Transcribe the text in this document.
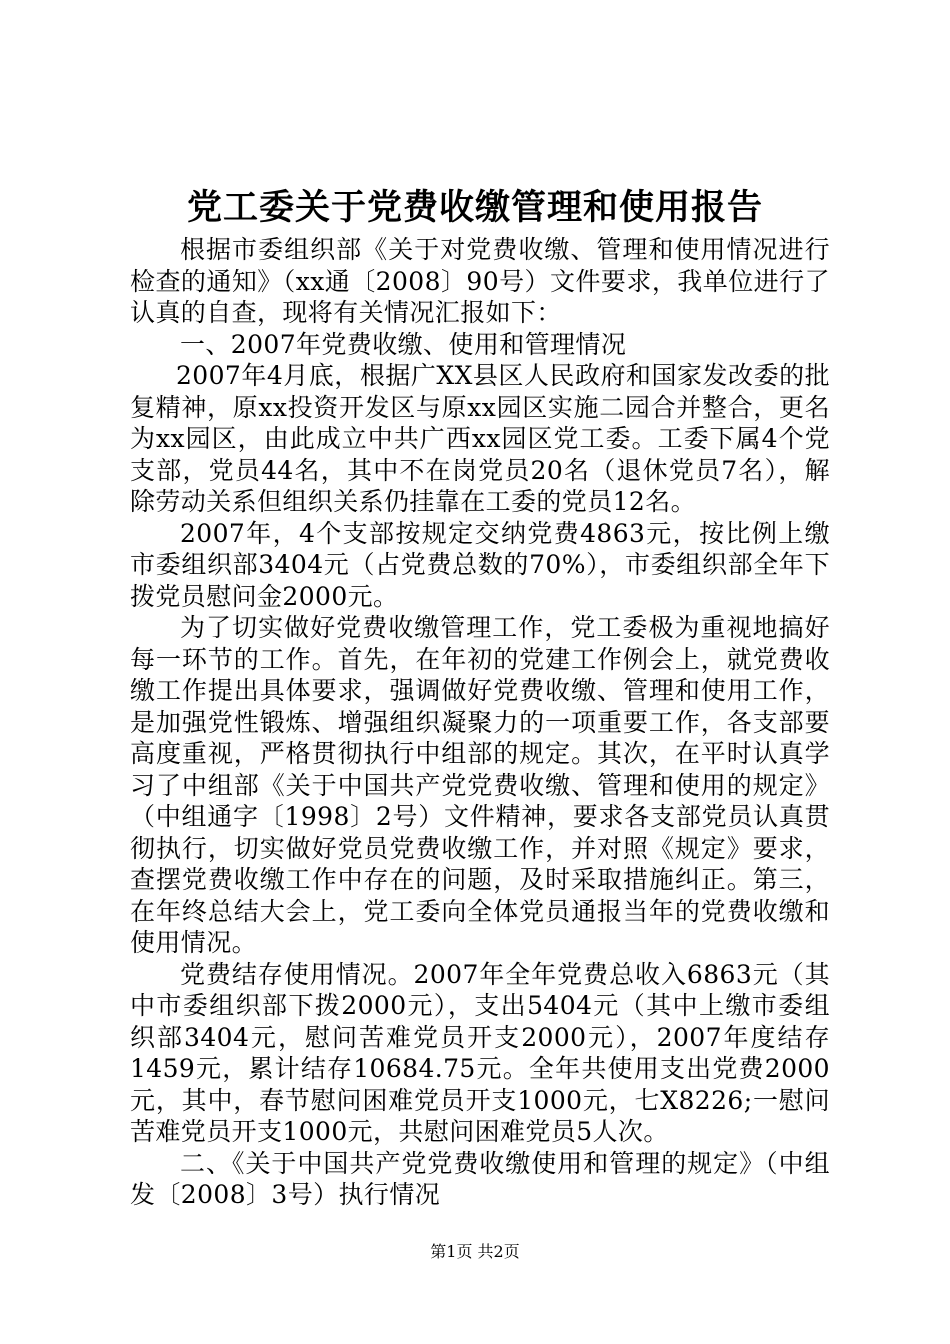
党工委关于党费收缴管理和使用报告

根据市委组织部《关于对党费收缴、管理和使用情况进行检查的通知》（xx通〔2008〕90号）文件要求，我单位进行了认真的自查，现将有关情况汇报如下：

一、2007年党费收缴、使用和管理情况

2007年4月底，根据广XX县区人民政府和国家发改委的批复精神，原xx投资开发区与原xx园区实施二园合并整合，更名为xx园区，由此成立中共广西xx园区党工委。工委下属4个党支部，党员44名，其中不在岗党员20名（退休党员7名），解除劳动关系但组织关系仍挂靠在工委的党员12名。

2007年，4个支部按规定交纳党费4863元，按比例上缴市委组织部3404元（占党费总数的70%），市委组织部全年下拨党员慰问金2000元。

为了切实做好党费收缴管理工作，党工委极为重视地搞好每一环节的工作。首先，在年初的党建工作例会上，就党费收缴工作提出具体要求，强调做好党费收缴、管理和使用工作，是加强党性锻炼、增强组织凝聚力的一项重要工作，各支部要高度重视，严格贯彻执行中组部的规定。其次，在平时认真学习了中组部《关于中国共产党党费收缴、管理和使用的规定》（中组通字〔1998〕2号）文件精神，要求各支部党员认真贯彻执行，切实做好党员党费收缴工作，并对照《规定》要求，查摆党费收缴工作中存在的问题，及时采取措施纠正。第三，在年终总结大会上，党工委向全体党员通报当年的党费收缴和使用情况。

党费结存使用情况。2007年全年党费总收入6863元（其中市委组织部下拨2000元），支出5404元（其中上缴市委组织部3404元，慰问苦难党员开支2000元），2007年度结存1459元，累计结存10684.75元。全年共使用支出党费2000元，其中，春节慰问困难党员开支1000元，七X8226;一慰问苦难党员开支1000元，共慰问困难党员5人次。

二、《关于中国共产党党费收缴使用和管理的规定》（中组发〔2008〕3号）执行情况

第1页 共2页
